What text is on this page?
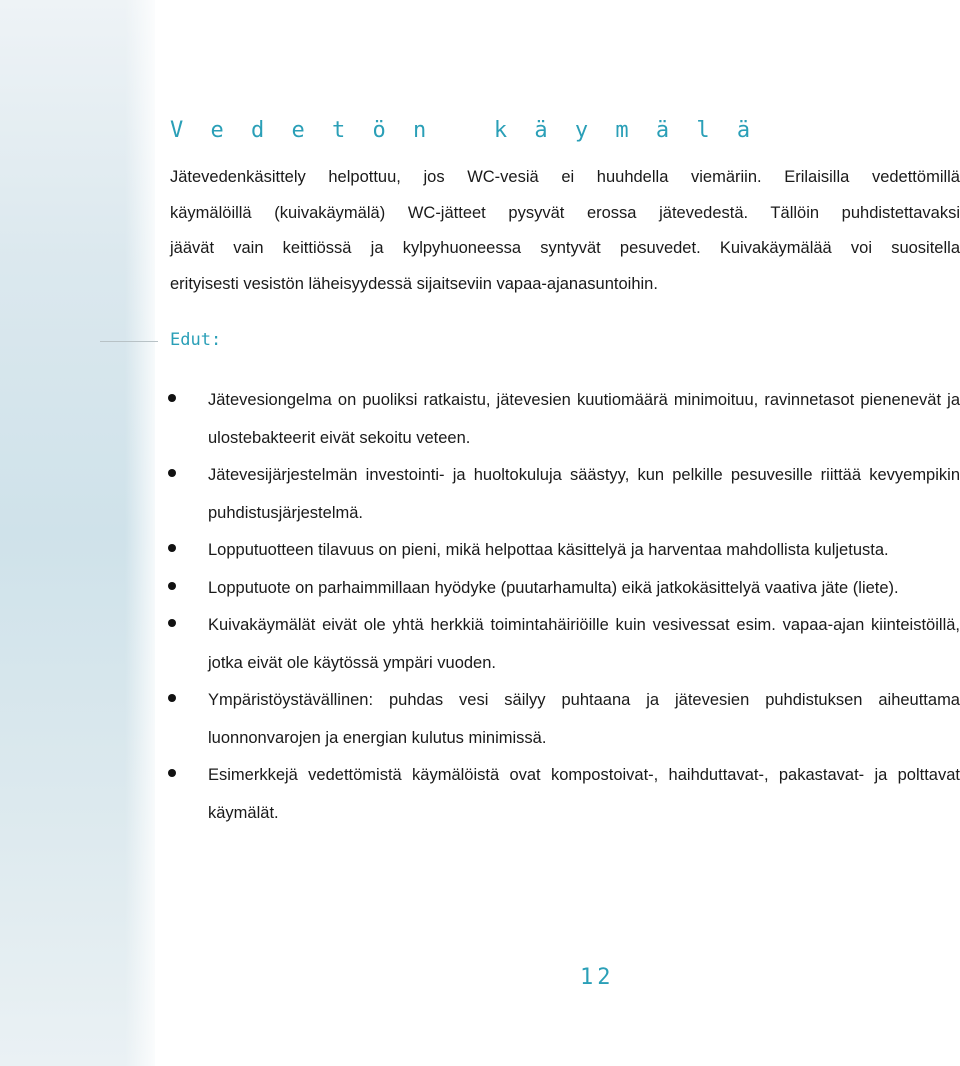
V e d e t ö n   k ä y m ä l ä

Jätevedenkäsittely helpottuu, jos WC-vesiä ei huuhdella viemäriin. Erilaisilla vedettömillä
käymälöillä (kuivakäymälä) WC-jätteet pysyvät erossa jätevedestä. Tällöin puhdistettavaksi
jäävät vain keittiössä ja kylpyhuoneessa syntyvät pesuvedet. Kuivakäymälää voi suositella
erityisesti vesistön läheisyydessä sijaitseviin vapaa-ajanasuntoihin.

Edut:
Jätevesiongelma on puoliksi ratkaistu, jätevesien kuutiomäärä minimoituu, ravinnetasot pienenevät ja ulostebakteerit eivät sekoitu veteen.
Jätevesijärjestelmän investointi- ja huoltokuluja säästyy, kun pelkille pesuvesille riittää kevyempikin puhdistusjärjestelmä.
Lopputuotteen tilavuus on pieni, mikä helpottaa käsittelyä ja harventaa mahdollista kuljetusta.
Lopputuote on parhaimmillaan hyödyke (puutarhamulta) eikä jatkokäsittelyä vaativa jäte (liete).
Kuivakäymälät eivät ole yhtä herkkiä toimintahäiriöille kuin vesivessat esim. vapaa-ajan kiinteistöillä, jotka eivät ole käytössä ympäri vuoden.
Ympäristöystävällinen: puhdas vesi säilyy puhtaana ja jätevesien puhdistuksen aiheuttama luonnonvarojen ja energian kulutus minimissä.
Esimerkkejä vedettömistä käymälöistä ovat kompostoivat-, haihduttavat-, pakastavat- ja polttavat käymälät.
12
